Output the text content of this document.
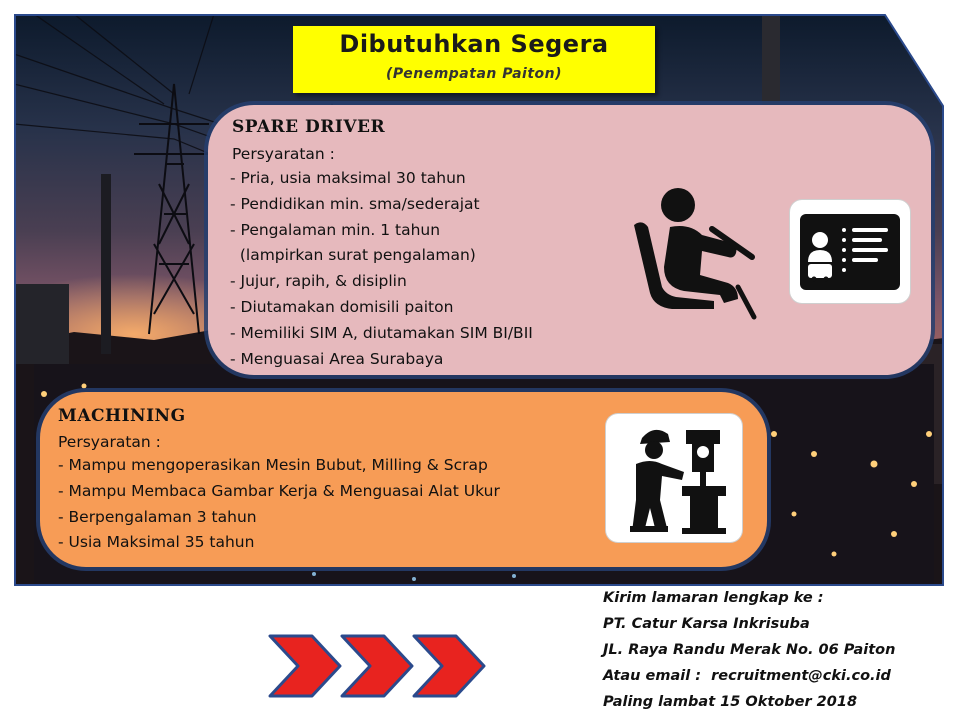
Dibutuhkan Segera
(Penempatan Paiton)
SPARE DRIVER
Persyaratan :
- Pria, usia maksimal 30 tahun
- Pendidikan min. sma/sederajat
- Pengalaman min. 1 tahun
(lampirkan surat pengalaman)
- Jujur, rapih, & disiplin
- Diutamakan domisili paiton
- Memiliki SIM A, diutamakan SIM BI/BII
- Menguasai Area Surabaya
MACHINING
Persyaratan :
- Mampu mengoperasikan Mesin Bubut, Milling & Scrap
- Mampu Membaca Gambar Kerja & Menguasai Alat Ukur
- Berpengalaman 3 tahun
- Usia Maksimal 35 tahun
Kirim lamaran lengkap ke :
PT. Catur Karsa Inkrisuba
JL. Raya Randu Merak No. 06 Paiton
Atau email :  recruitment@cki.co.id
Paling lambat 15 Oktober 2018
